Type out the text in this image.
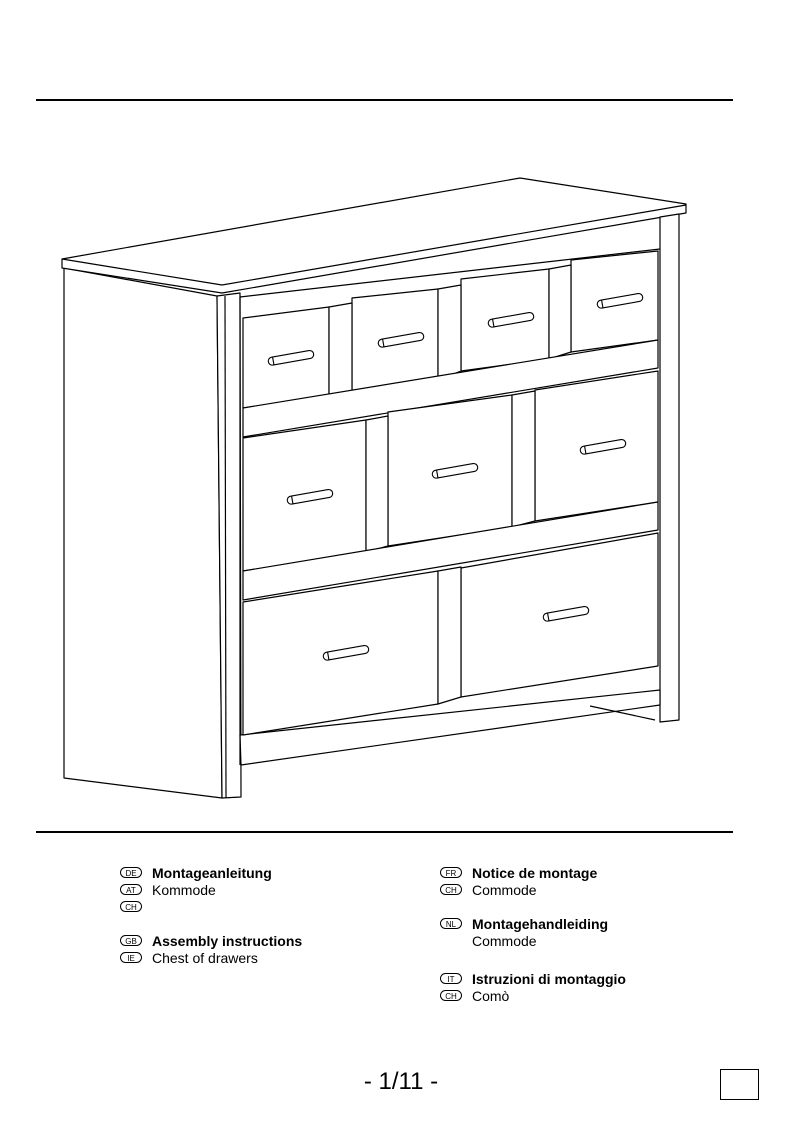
DE	Montageanleitung
AT	Kommode
CH
GB	Assembly instructions
IE	Chest of drawers
FR	Notice de montage
CH	Commode
NL	Montagehandleiding
Commode
IT	Istruzioni di montaggio
CH	Comò
- 1/11 -
